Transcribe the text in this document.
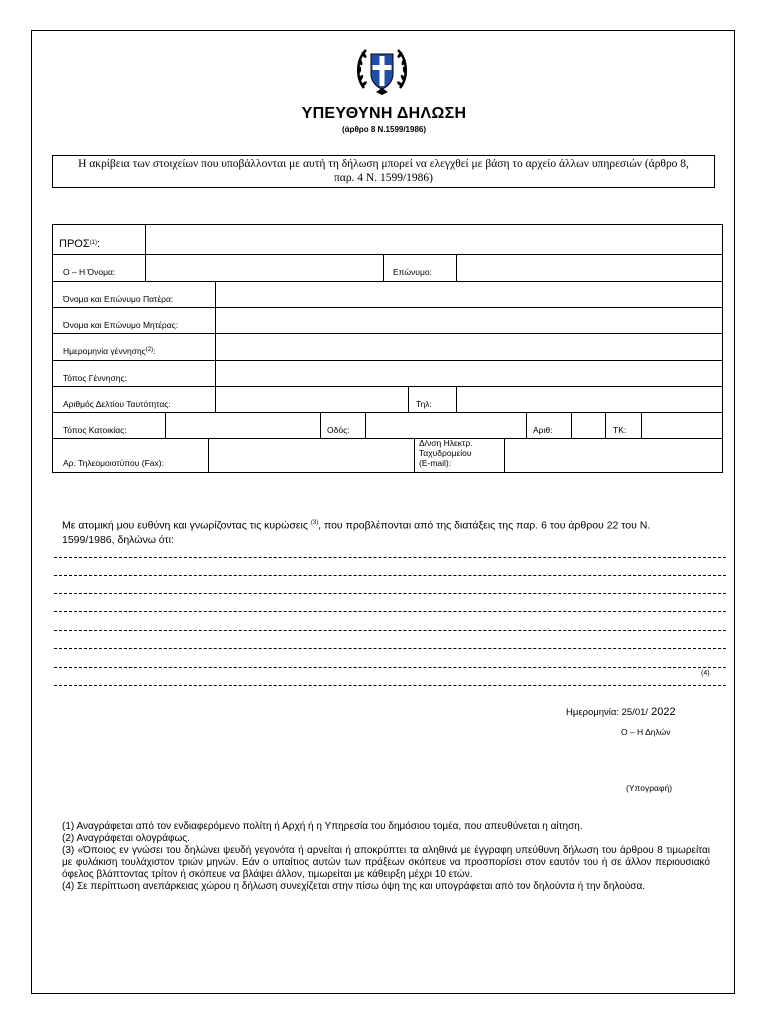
ΥΠΕΥΘΥΝΗ ΔΗΛΩΣΗ
(άρθρο 8 Ν.1599/1986)
Η ακρίβεια των στοιχείων που υποβάλλονται με αυτή τη δήλωση μπορεί να ελεγχθεί με βάση το αρχείο άλλων υπηρεσιών (άρθρο 8, παρ. 4 Ν. 1599/1986)
ΠΡΟΣ$^{(1)}$:
Ο – Η Όνομα:	Επώνυμο:
Όνομα και Επώνυμο Πατέρα:
Όνομα και Επώνυμο Μητέρας:
Ημερομηνία γέννησης$^{(2)}$:
Τόπος Γέννησης:
Αριθμός Δελτίου Ταυτότητας:	Τηλ:
Τόπος Κατοικίας:	Οδός:	Αριθ:	ΤΚ:
Αρ. Τηλεομοιοτύπου (Fax):
Δ/νση Ηλεκτρ.
Ταχυδρομείου
(E-mail):
Με ατομική μου ευθύνη και γνωρίζοντας τις κυρώσεις $^{(3)}$, που προβλέπονται από της διατάξεις της παρ. 6 του άρθρου 22 του Ν. 1599/1986, δηλώνω ότι:
(4)
Ημερομηνία: 25/01/ 2022
Ο – Η Δηλών
(Υπογραφή)

(1) Αναγράφεται από τον ενδιαφερόμενο πολίτη ή Αρχή ή η Υπηρεσία του δημόσιου τομέα, που απευθύνεται η αίτηση.

(2) Αναγράφεται ολογράφως.

(3) «Όποιος εν γνώσει του δηλώνει ψευδή γεγονότα ή αρνείται ή αποκρύπτει τα αληθινά με έγγραφη υπεύθυνη δήλωση του άρθρου 8 τιμωρείται με φυλάκιση τουλάχιστον τριών μηνών. Εάν ο υπαίτιος αυτών των πράξεων σκόπευε να προσπορίσει στον εαυτόν του ή σε άλλον περιουσιακό όφελος βλάπτοντας τρίτον ή σκόπευε να βλάψει άλλον, τιμωρείται με κάθειρξη μέχρι 10 ετών.

(4) Σε περίπτωση ανεπάρκειας χώρου η δήλωση συνεχίζεται στην πίσω όψη της και υπογράφεται από τον δηλούντα ή την δηλούσα.
